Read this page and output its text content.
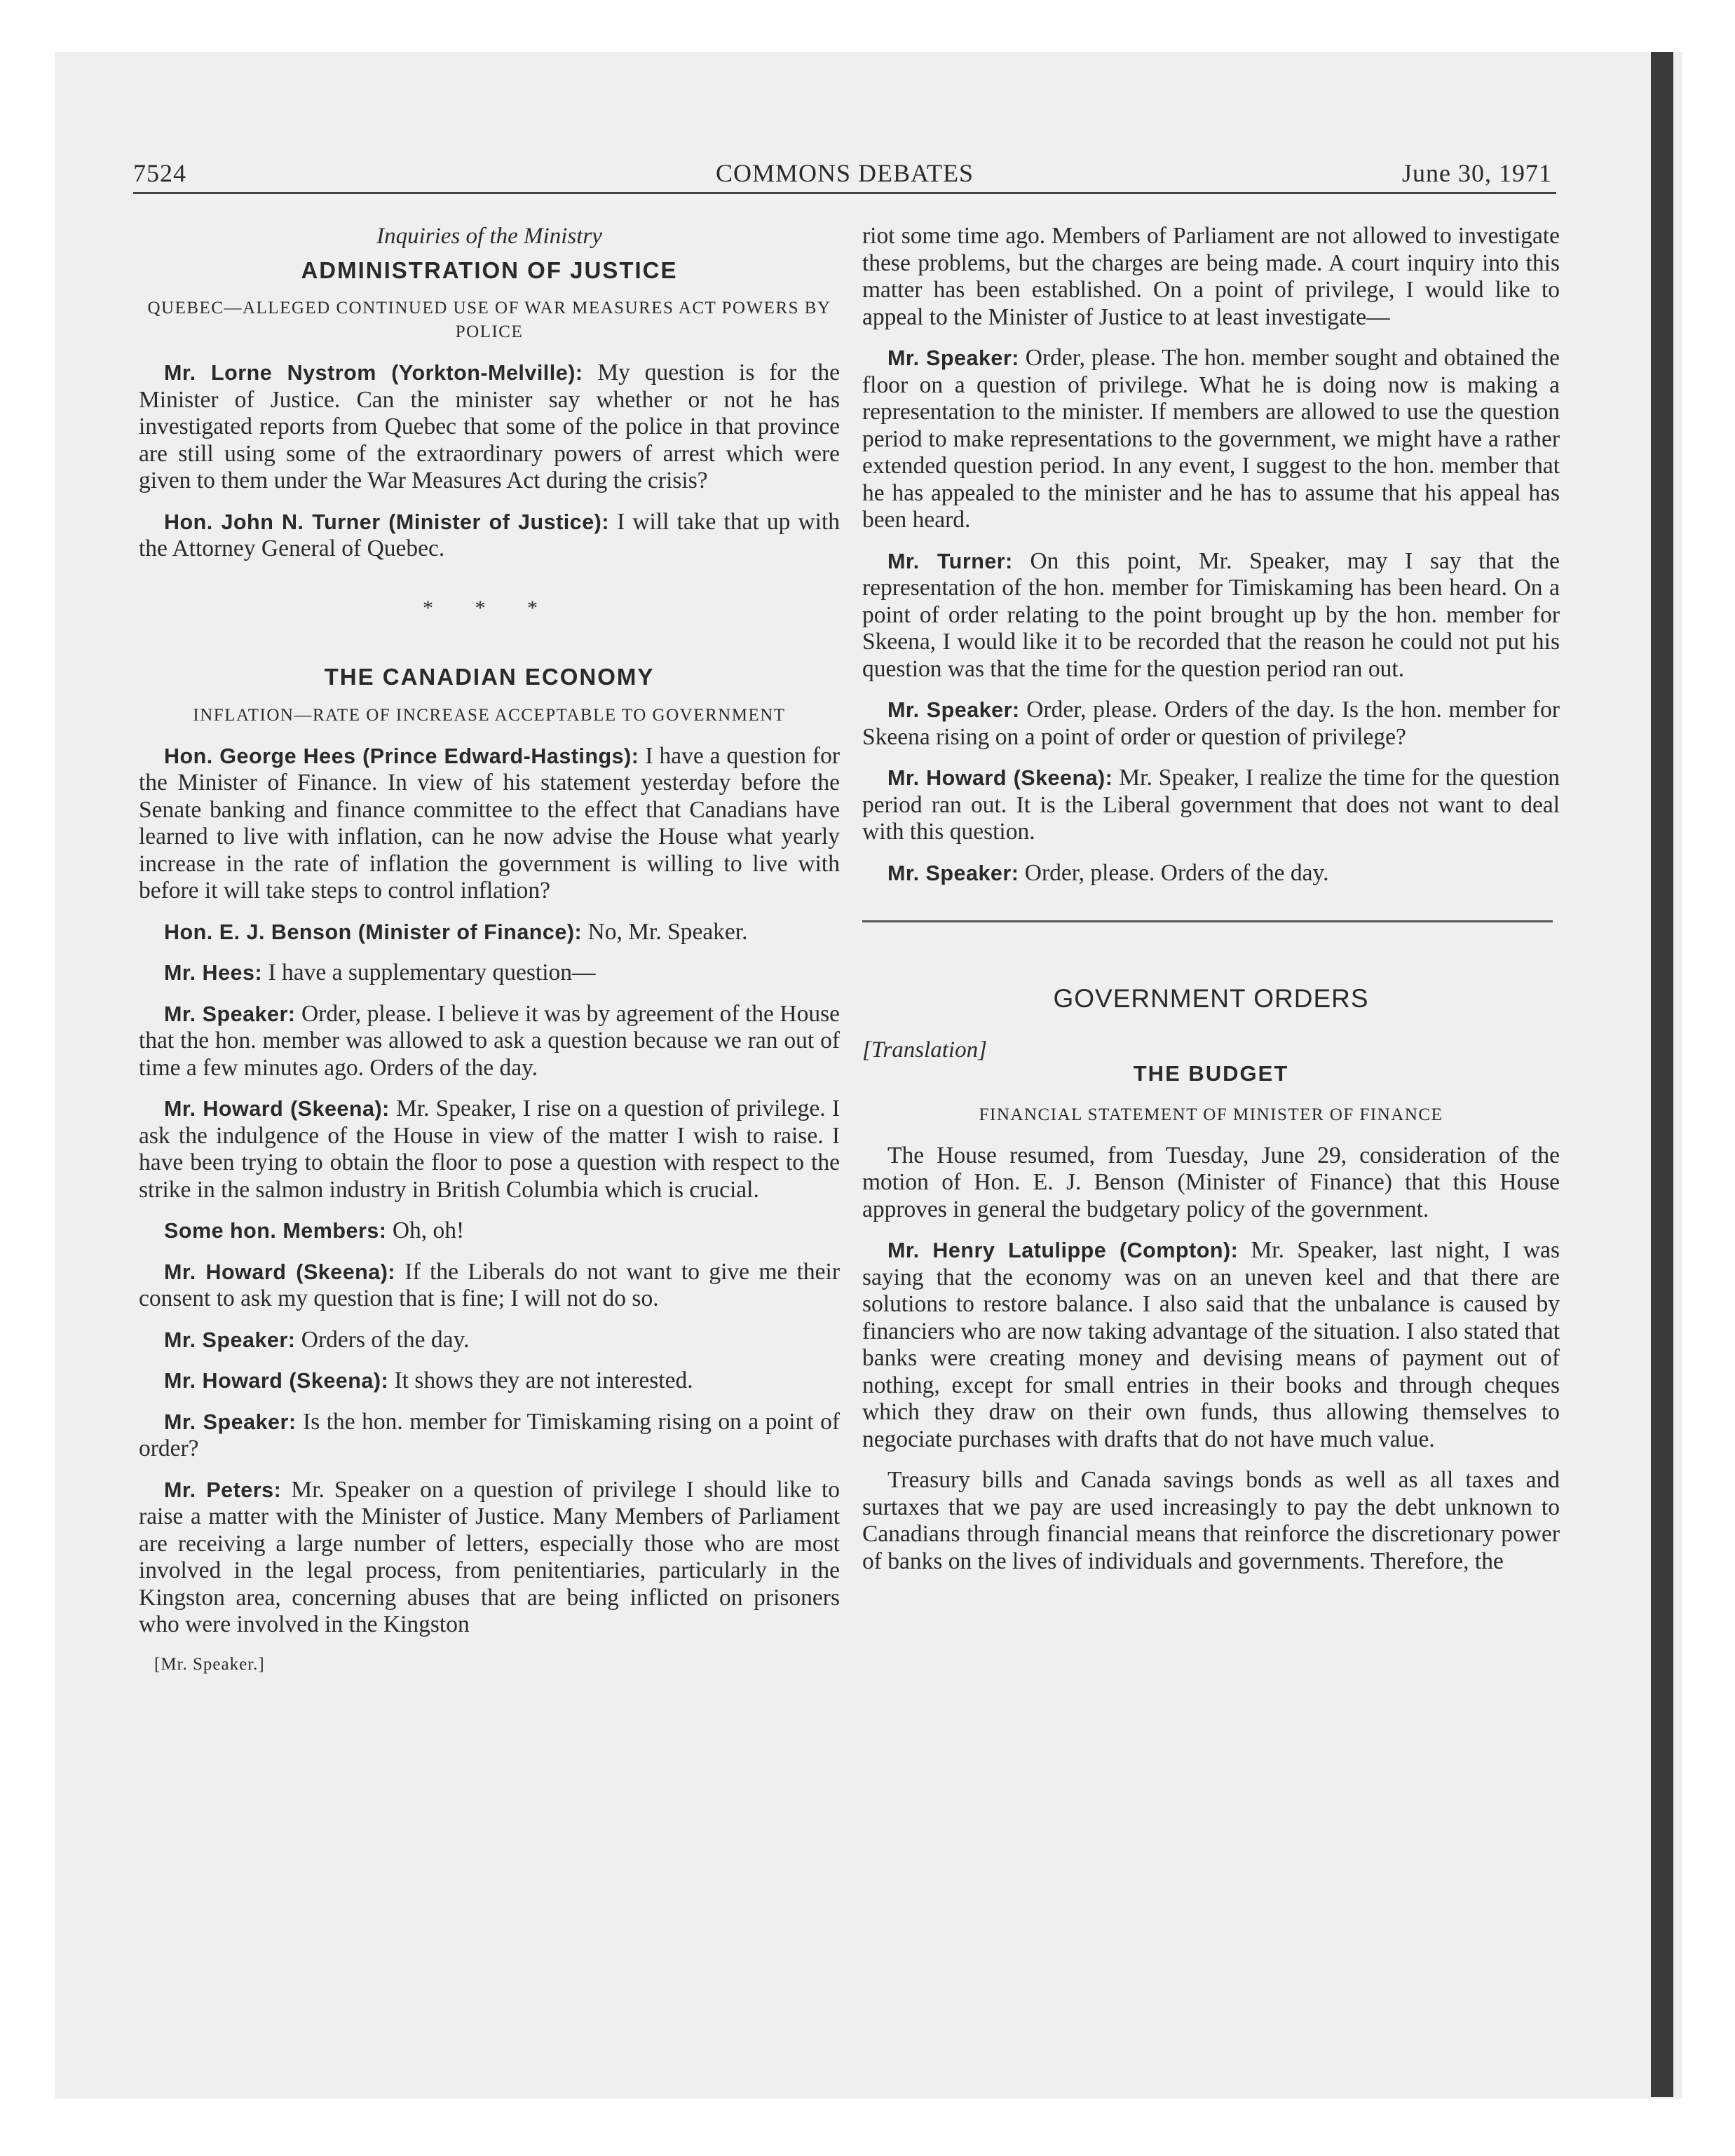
7524	COMMONS DEBATES	June 30, 1971
Inquiries of the Ministry
ADMINISTRATION OF JUSTICE
QUEBEC—ALLEGED CONTINUED USE OF WAR MEASURES ACT POWERS BY POLICE

Mr. Lorne Nystrom (Yorkton-Melville): My question is for the Minister of Justice. Can the minister say whether or not he has investigated reports from Quebec that some of the police in that province are still using some of the extraordinary powers of arrest which were given to them under the War Measures Act during the crisis?

Hon. John N. Turner (Minister of Justice): I will take that up with the Attorney General of Quebec.

* * *
THE CANADIAN ECONOMY
INFLATION—RATE OF INCREASE ACCEPTABLE TO GOVERNMENT

Hon. George Hees (Prince Edward-Hastings): I have a question for the Minister of Finance. In view of his statement yesterday before the Senate banking and finance committee to the effect that Canadians have learned to live with inflation, can he now advise the House what yearly increase in the rate of inflation the government is willing to live with before it will take steps to control inflation?

Hon. E. J. Benson (Minister of Finance): No, Mr. Speaker.

Mr. Hees: I have a supplementary question—

Mr. Speaker: Order, please. I believe it was by agreement of the House that the hon. member was allowed to ask a question because we ran out of time a few minutes ago. Orders of the day.

Mr. Howard (Skeena): Mr. Speaker, I rise on a question of privilege. I ask the indulgence of the House in view of the matter I wish to raise. I have been trying to obtain the floor to pose a question with respect to the strike in the salmon industry in British Columbia which is crucial.

Some hon. Members: Oh, oh!

Mr. Howard (Skeena): If the Liberals do not want to give me their consent to ask my question that is fine; I will not do so.

Mr. Speaker: Orders of the day.

Mr. Howard (Skeena): It shows they are not interested.

Mr. Speaker: Is the hon. member for Timiskaming rising on a point of order?

Mr. Peters: Mr. Speaker on a question of privilege I should like to raise a matter with the Minister of Justice. Many Members of Parliament are receiving a large number of letters, especially those who are most involved in the legal process, from penitentiaries, particularly in the Kingston area, concerning abuses that are being inflicted on prisoners who were involved in the Kingston

[Mr. Speaker.]

riot some time ago. Members of Parliament are not allowed to investigate these problems, but the charges are being made. A court inquiry into this matter has been established. On a point of privilege, I would like to appeal to the Minister of Justice to at least investigate—

Mr. Speaker: Order, please. The hon. member sought and obtained the floor on a question of privilege. What he is doing now is making a representation to the minister. If members are allowed to use the question period to make representations to the government, we might have a rather extended question period. In any event, I suggest to the hon. member that he has appealed to the minister and he has to assume that his appeal has been heard.

Mr. Turner: On this point, Mr. Speaker, may I say that the representation of the hon. member for Timiskaming has been heard. On a point of order relating to the point brought up by the hon. member for Skeena, I would like it to be recorded that the reason he could not put his question was that the time for the question period ran out.

Mr. Speaker: Order, please. Orders of the day. Is the hon. member for Skeena rising on a point of order or question of privilege?

Mr. Howard (Skeena): Mr. Speaker, I realize the time for the question period ran out. It is the Liberal government that does not want to deal with this question.

Mr. Speaker: Order, please. Orders of the day.

GOVERNMENT ORDERS
[Translation]
THE BUDGET
FINANCIAL STATEMENT OF MINISTER OF FINANCE

The House resumed, from Tuesday, June 29, consideration of the motion of Hon. E. J. Benson (Minister of Finance) that this House approves in general the budgetary policy of the government.

Mr. Henry Latulippe (Compton): Mr. Speaker, last night, I was saying that the economy was on an uneven keel and that there are solutions to restore balance. I also said that the unbalance is caused by financiers who are now taking advantage of the situation. I also stated that banks were creating money and devising means of payment out of nothing, except for small entries in their books and through cheques which they draw on their own funds, thus allowing themselves to negociate purchases with drafts that do not have much value.

Treasury bills and Canada savings bonds as well as all taxes and surtaxes that we pay are used increasingly to pay the debt unknown to Canadians through financial means that reinforce the discretionary power of banks on the lives of individuals and governments. Therefore, the
